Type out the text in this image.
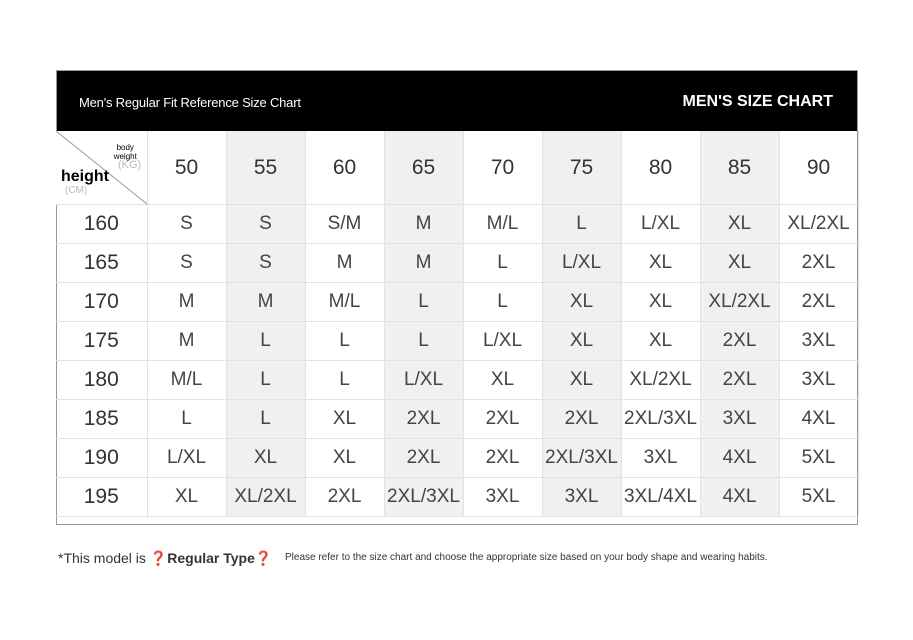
Men's Regular Fit Reference Size Chart	MEN'S SIZE CHART
body weight
(KG)
height
(CM)	50	55	60	65	70	75	80	85	90
160	S	S	S/M	M	M/L	L	L/XL	XL	XL/2XL
165	S	S	M	M	L	L/XL	XL	XL	2XL
170	M	M	M/L	L	L	XL	XL	XL/2XL	2XL
175	M	L	L	L	L/XL	XL	XL	2XL	3XL
180	M/L	L	L	L/XL	XL	XL	XL/2XL	2XL	3XL
185	L	L	XL	2XL	2XL	2XL	2XL/3XL	3XL	4XL
190	L/XL	XL	XL	2XL	2XL	2XL/3XL	3XL	4XL	5XL
195	XL	XL/2XL	2XL	2XL/3XL	3XL	3XL	3XL/4XL	4XL	5XL
*This model is ❓Regular Type❓ Please refer to the size chart and choose the appropriate size based on your body shape and wearing habits.
